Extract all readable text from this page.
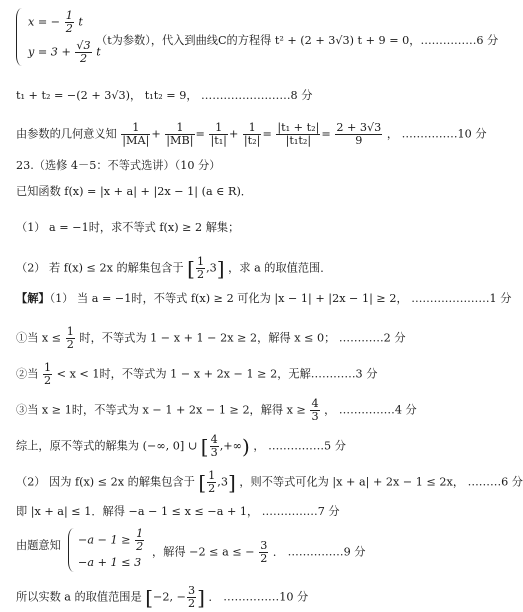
x = − $\frac{1}{2}$ t
$y = 3 + \frac{√3}{2}$ t
（t为参数），代入到曲线C的方程得 t² + (2 + 3√3) t + 9 = 0，……………6 分
t₁ + t₂ = −(2 + 3√3)， t₁t₂ = 9， ……………………8 分
由参数的几何意义知 $\frac{1}{|MA|} + \frac{1}{|MB|} = \frac{1}{\text{|t₁|}} + \frac{1}{\text{|t₂|}} = \frac{\text{|t₁ + t₂|}}{\text{|t₁t₂|}} = \frac{2 + 3√3}{9}$ ， ……………10 分
23.（选修 4－5：不等式选讲）（10 分）
已知函数 f(x) = |x + a| + |2x − 1| (a ∈ R)．
（1） a = −1时，求不等式 f(x) ≥ 2 解集；
（2） 若 f(x) ≤ 2x 的解集包含于 [ $\frac{1}{2} ,3$] ，求 a 的取值范围．
【解】（1） 当 a = −1时，不等式 f(x) ≥ 2 可化为 |x − 1| + |2x − 1| ≥ 2， …………………1 分
①当 $x \le \frac{1}{2}$ 时，不等式为 1 − x + 1 − 2x ≥ 2，解得 x ≤ 0； …………2 分
②当 $\frac{1}{2} < x < 1$时，不等式为 1 − x + 2x − 1 ≥ 2，无解…………3 分
③当 x ≥ 1时，不等式为 x − 1 + 2x − 1 ≥ 2，解得 $x \ge \frac{4}{3}$ ， ……………4 分
综上，原不等式的解集为 (−∞, 0] ∪ [ $\frac{4}{3}$ ,+∞) ， ……………5 分
（2） 因为 f(x) ≤ 2x 的解集包含于 [ $\frac{1}{2} ,3$] ，则不等式可化为 |x + a| + 2x − 1 ≤ 2x， ………6 分
即 |x + a| ≤ 1．解得 −a − 1 ≤ x ≤ −a + 1， ……………7 分
由题意知	$-a - 1 \ge \frac{1}{2}$
−a + 1 ≤ 3
，解得 −2 ≤ a ≤ − $\frac{3}{2}$ ． ……………9 分
所以实数 a 的取值范围是 [−2, − $\frac{3}{2}$ ] ． ……………10 分
